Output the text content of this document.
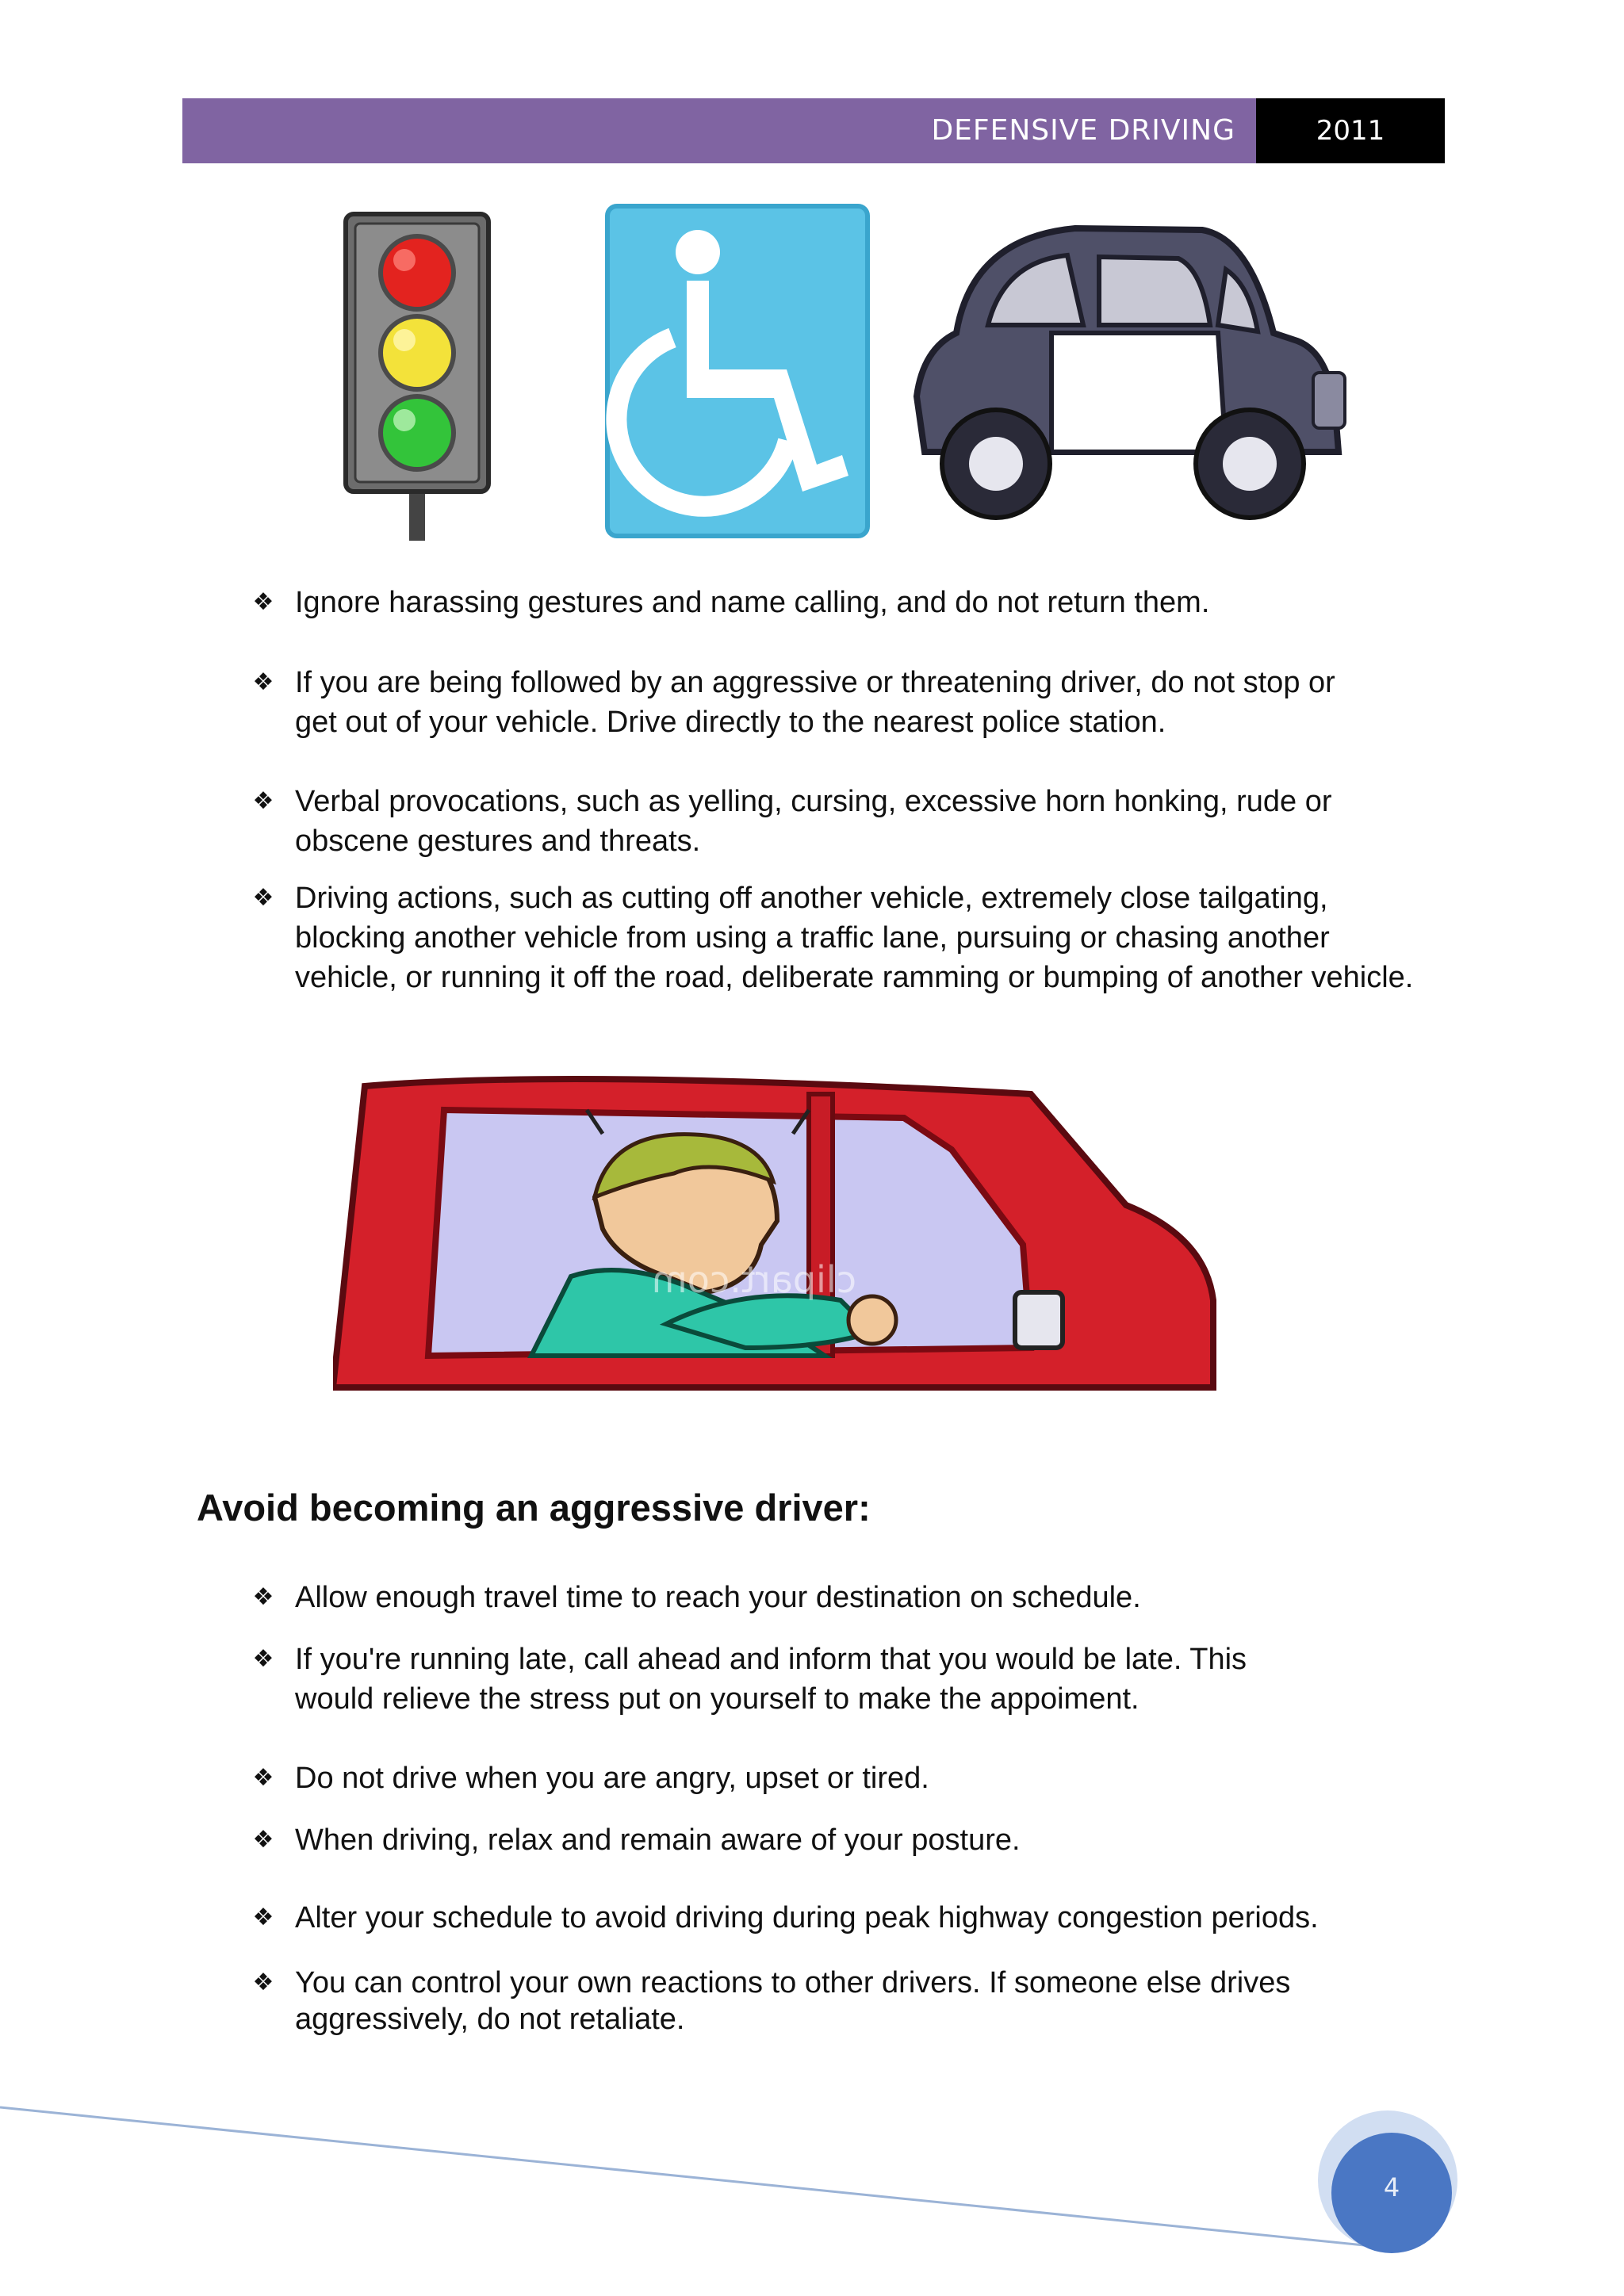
DEFENSIVE DRIVING	2011
❖ Ignore harassing gestures and name calling, and do not return them.
❖ If you are being followed by an aggressive or threatening driver, do not stop or get out of your vehicle. Drive directly to the nearest police station.
❖ Verbal provocations, such as yelling, cursing, excessive horn honking, rude or obscene gestures and threats.
❖ Driving actions, such as cutting off another vehicle, extremely close tailgating, blocking another vehicle from using a traffic lane, pursuing or chasing another vehicle, or running it off the road, deliberate ramming or bumping of another vehicle.
clipart.com
Avoid becoming an aggressive driver:
❖ Allow enough travel time to reach your destination on schedule.
❖ If you're running late, call ahead and inform that you would be late. This would relieve the stress put on yourself to make the appoiment.
❖ Do not drive when you are angry, upset or tired.
❖ When driving, relax and remain aware of your posture.
❖ Alter your schedule to avoid driving during peak highway congestion periods.
❖ You can control your own reactions to other drivers. If someone else drives aggressively, do not retaliate.
4
